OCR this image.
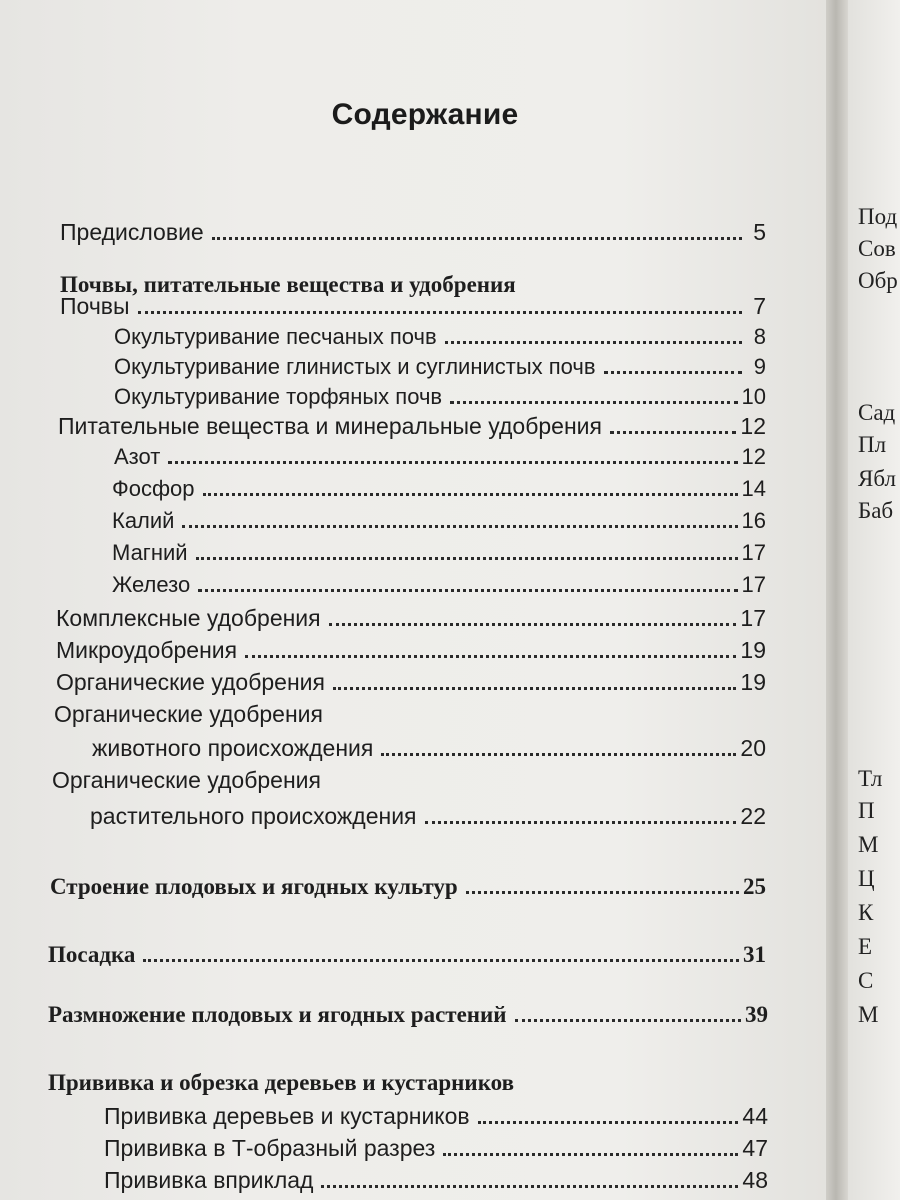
Содержание
Предисловие	5
Почвы, питательные вещества и удобрения
Почвы	7
Окультуривание песчаных почв	8
Окультуривание глинистых и суглинистых почв	9
Окультуривание торфяных почв	10
Питательные вещества и минеральные удобрения	12
Азот	12
Фосфор	14
Калий	16
Магний	17
Железо	17
Комплексные удобрения	17
Микроудобрения	19
Органические удобрения	19
Органические удобрения
животного происхождения	20
Органические удобрения
растительного происхождения	22
Строение плодовых и ягодных культур	25
Посадка	31
Размножение плодовых и ягодных растений	39
Прививка и обрезка деревьев и кустарников
Прививка деревьев и кустарников	44
Прививка в Т-образный разрез	47
Прививка вприклад	48
Под
Сов
Обр
Сад
Пл
Ябл
Баб
Тл
П
М
Ц
К
Е
С
М
